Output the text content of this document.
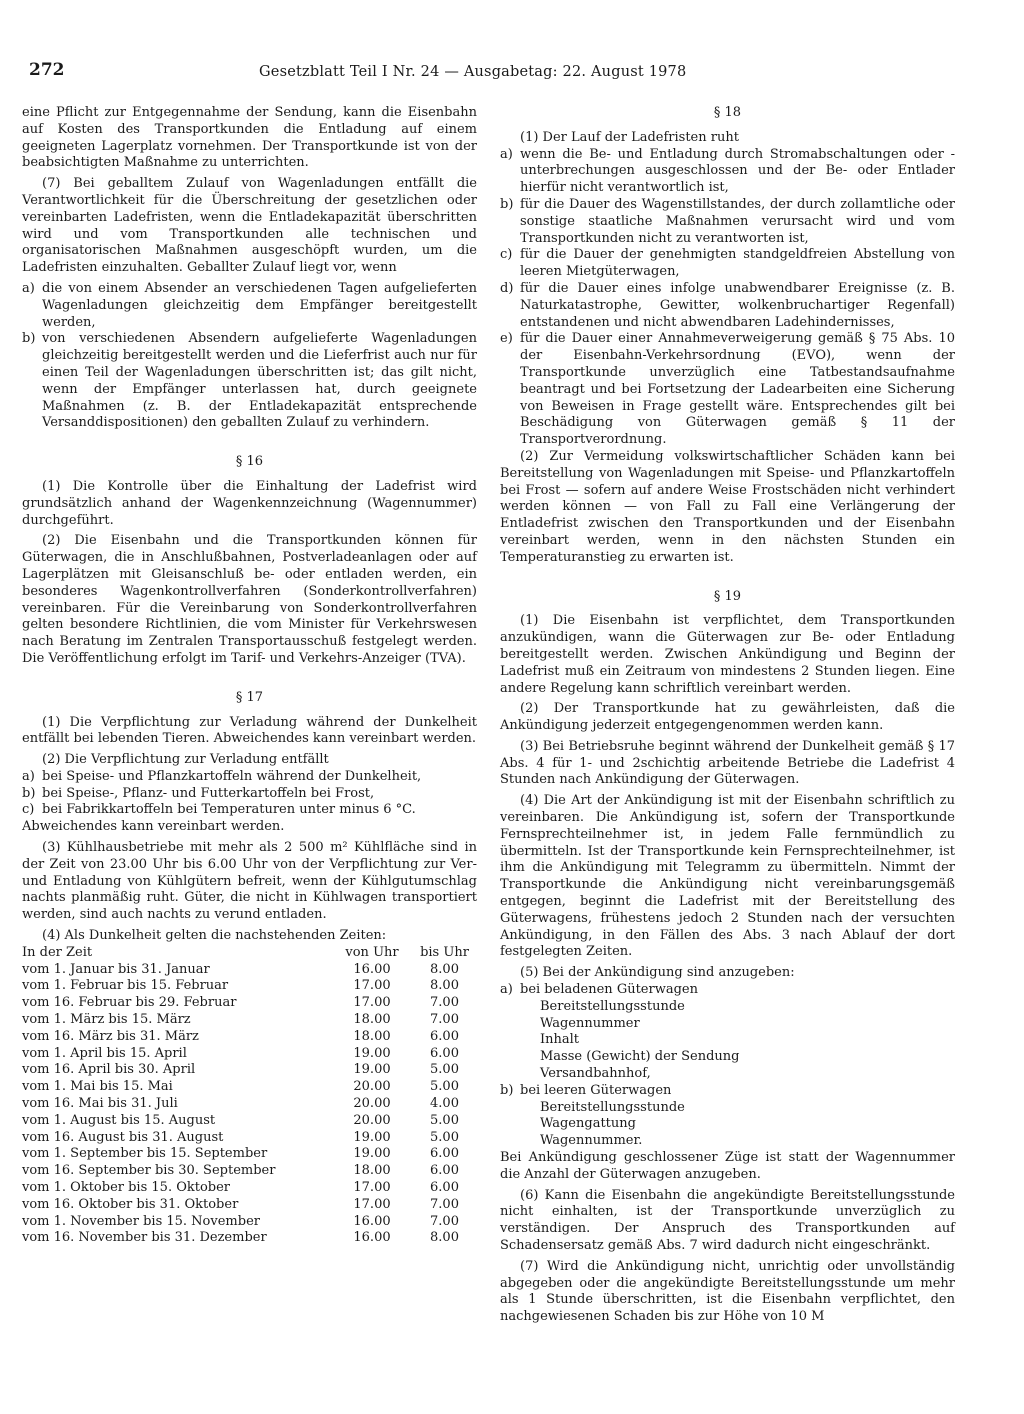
272	Gesetzblatt Teil I Nr. 24 — Ausgabetag: 22. August 1978

eine Pflicht zur Entgegennahme der Sendung, kann die Eisenbahn auf Kosten des Transportkunden die Entladung auf einem geeigneten Lagerplatz vornehmen. Der Transportkunde ist von der beabsichtigten Maßnahme zu unterrichten.

(7) Bei geballtem Zulauf von Wagenladungen entfällt die Verantwortlichkeit für die Überschreitung der gesetzlichen oder vereinbarten Ladefristen, wenn die Entladekapazität überschritten wird und vom Transportkunden alle technischen und organisatorischen Maßnahmen ausgeschöpft wurden, um die Ladefristen einzuhalten. Geballter Zulauf liegt vor, wenn

a) die von einem Absender an verschiedenen Tagen aufgelieferten Wagenladungen gleichzeitig dem Empfänger bereitgestellt werden,
b) von verschiedenen Absendern aufgelieferte Wagenladungen gleichzeitig bereitgestellt werden und die Lieferfrist auch nur für einen Teil der Wagenladungen überschritten ist; das gilt nicht, wenn der Empfänger unterlassen hat, durch geeignete Maßnahmen (z. B. der Entladekapazität entsprechende Versanddispositionen) den geballten Zulauf zu verhindern.
§ 16

(1) Die Kontrolle über die Einhaltung der Ladefrist wird grundsätzlich anhand der Wagenkennzeichnung (Wagennummer) durchgeführt.

(2) Die Eisenbahn und die Transportkunden können für Güterwagen, die in Anschlußbahnen, Postverladeanlagen oder auf Lagerplätzen mit Gleisanschluß be- oder entladen werden, ein besonderes Wagenkontrollverfahren (Sonderkontrollverfahren) vereinbaren. Für die Vereinbarung von Sonderkontrollverfahren gelten besondere Richtlinien, die vom Minister für Verkehrswesen nach Beratung im Zentralen Transportausschuß festgelegt werden. Die Veröffentlichung erfolgt im Tarif- und Verkehrs-Anzeiger (TVA).

§ 17

(1) Die Verpflichtung zur Verladung während der Dunkelheit entfällt bei lebenden Tieren. Abweichendes kann vereinbart werden.

(2) Die Verpflichtung zur Verladung entfällt

a) bei Speise- und Pflanzkartoffeln während der Dunkelheit,
b) bei Speise-, Pflanz- und Futterkartoffeln bei Frost,
c) bei Fabrikkartoffeln bei Temperaturen unter minus 6 °C.

Abweichendes kann vereinbart werden.

(3) Kühlhausbetriebe mit mehr als 2 500 m² Kühlfläche sind in der Zeit von 23.00 Uhr bis 6.00 Uhr von der Verpflichtung zur Ver- und Entladung von Kühlgütern befreit, wenn der Kühlgutumschlag nachts planmäßig ruht. Güter, die nicht in Kühlwagen transportiert werden, sind auch nachts zu verund entladen.

(4) Als Dunkelheit gelten die nachstehenden Zeiten:

In der Zeit	von Uhr	bis Uhr
vom 1. Januar bis 31. Januar	16.00	8.00
vom 1. Februar bis 15. Februar	17.00	8.00
vom 16. Februar bis 29. Februar	17.00	7.00
vom 1. März bis 15. März	18.00	7.00
vom 16. März bis 31. März	18.00	6.00
vom 1. April bis 15. April	19.00	6.00
vom 16. April bis 30. April	19.00	5.00
vom 1. Mai bis 15. Mai	20.00	5.00
vom 16. Mai bis 31. Juli	20.00	4.00
vom 1. August bis 15. August	20.00	5.00
vom 16. August bis 31. August	19.00	5.00
vom 1. September bis 15. September	19.00	6.00
vom 16. September bis 30. September	18.00	6.00
vom 1. Oktober bis 15. Oktober	17.00	6.00
vom 16. Oktober bis 31. Oktober	17.00	7.00
vom 1. November bis 15. November	16.00	7.00
vom 16. November bis 31. Dezember	16.00	8.00
§ 18

(1) Der Lauf der Ladefristen ruht

a) wenn die Be- und Entladung durch Stromabschaltungen oder -unterbrechungen ausgeschlossen und der Be- oder Entlader hierfür nicht verantwortlich ist,
b) für die Dauer des Wagenstillstandes, der durch zollamtliche oder sonstige staatliche Maßnahmen verursacht wird und vom Transportkunden nicht zu verantworten ist,
c) für die Dauer der genehmigten standgeldfreien Abstellung von leeren Mietgüterwagen,
d) für die Dauer eines infolge unabwendbarer Ereignisse (z. B. Naturkatastrophe, Gewitter, wolkenbruchartiger Regenfall) entstandenen und nicht abwendbaren Ladehindernisses,
e) für die Dauer einer Annahmeverweigerung gemäß § 75 Abs. 10 der Eisenbahn-Verkehrsordnung (EVO), wenn der Transportkunde unverzüglich eine Tatbestandsaufnahme beantragt und bei Fortsetzung der Ladearbeiten eine Sicherung von Beweisen in Frage gestellt wäre. Entsprechendes gilt bei Beschädigung von Güterwagen gemäß § 11 der Transportverordnung.

(2) Zur Vermeidung volkswirtschaftlicher Schäden kann bei Bereitstellung von Wagenladungen mit Speise- und Pflanzkartoffeln bei Frost — sofern auf andere Weise Frostschäden nicht verhindert werden können — von Fall zu Fall eine Verlängerung der Entladefrist zwischen den Transportkunden und der Eisenbahn vereinbart werden, wenn in den nächsten Stunden ein Temperaturanstieg zu erwarten ist.

§ 19

(1) Die Eisenbahn ist verpflichtet, dem Transportkunden anzukündigen, wann die Güterwagen zur Be- oder Entladung bereitgestellt werden. Zwischen Ankündigung und Beginn der Ladefrist muß ein Zeitraum von mindestens 2 Stunden liegen. Eine andere Regelung kann schriftlich vereinbart werden.

(2) Der Transportkunde hat zu gewährleisten, daß die Ankündigung jederzeit entgegengenommen werden kann.

(3) Bei Betriebsruhe beginnt während der Dunkelheit gemäß § 17 Abs. 4 für 1- und 2schichtig arbeitende Betriebe die Ladefrist 4 Stunden nach Ankündigung der Güterwagen.

(4) Die Art der Ankündigung ist mit der Eisenbahn schriftlich zu vereinbaren. Die Ankündigung ist, sofern der Transportkunde Fernsprechteilnehmer ist, in jedem Falle fernmündlich zu übermitteln. Ist der Transportkunde kein Fernsprechteilnehmer, ist ihm die Ankündigung mit Telegramm zu übermitteln. Nimmt der Transportkunde die Ankündigung nicht vereinbarungsgemäß entgegen, beginnt die Ladefrist mit der Bereitstellung des Güterwagens, frühestens jedoch 2 Stunden nach der versuchten Ankündigung, in den Fällen des Abs. 3 nach Ablauf der dort festgelegten Zeiten.

(5) Bei der Ankündigung sind anzugeben:

a) bei beladenen Güterwagen
Bereitstellungsstunde
Wagennummer
Inhalt
Masse (Gewicht) der Sendung
Versandbahnhof,
b) bei leeren Güterwagen
Bereitstellungsstunde
Wagengattung
Wagennummer.

Bei Ankündigung geschlossener Züge ist statt der Wagennummer die Anzahl der Güterwagen anzugeben.

(6) Kann die Eisenbahn die angekündigte Bereitstellungsstunde nicht einhalten, ist der Transportkunde unverzüglich zu verständigen. Der Anspruch des Transportkunden auf Schadensersatz gemäß Abs. 7 wird dadurch nicht eingeschränkt.

(7) Wird die Ankündigung nicht, unrichtig oder unvollständig abgegeben oder die angekündigte Bereitstellungsstunde um mehr als 1 Stunde überschritten, ist die Eisenbahn verpflichtet, den nachgewiesenen Schaden bis zur Höhe von 10 M
